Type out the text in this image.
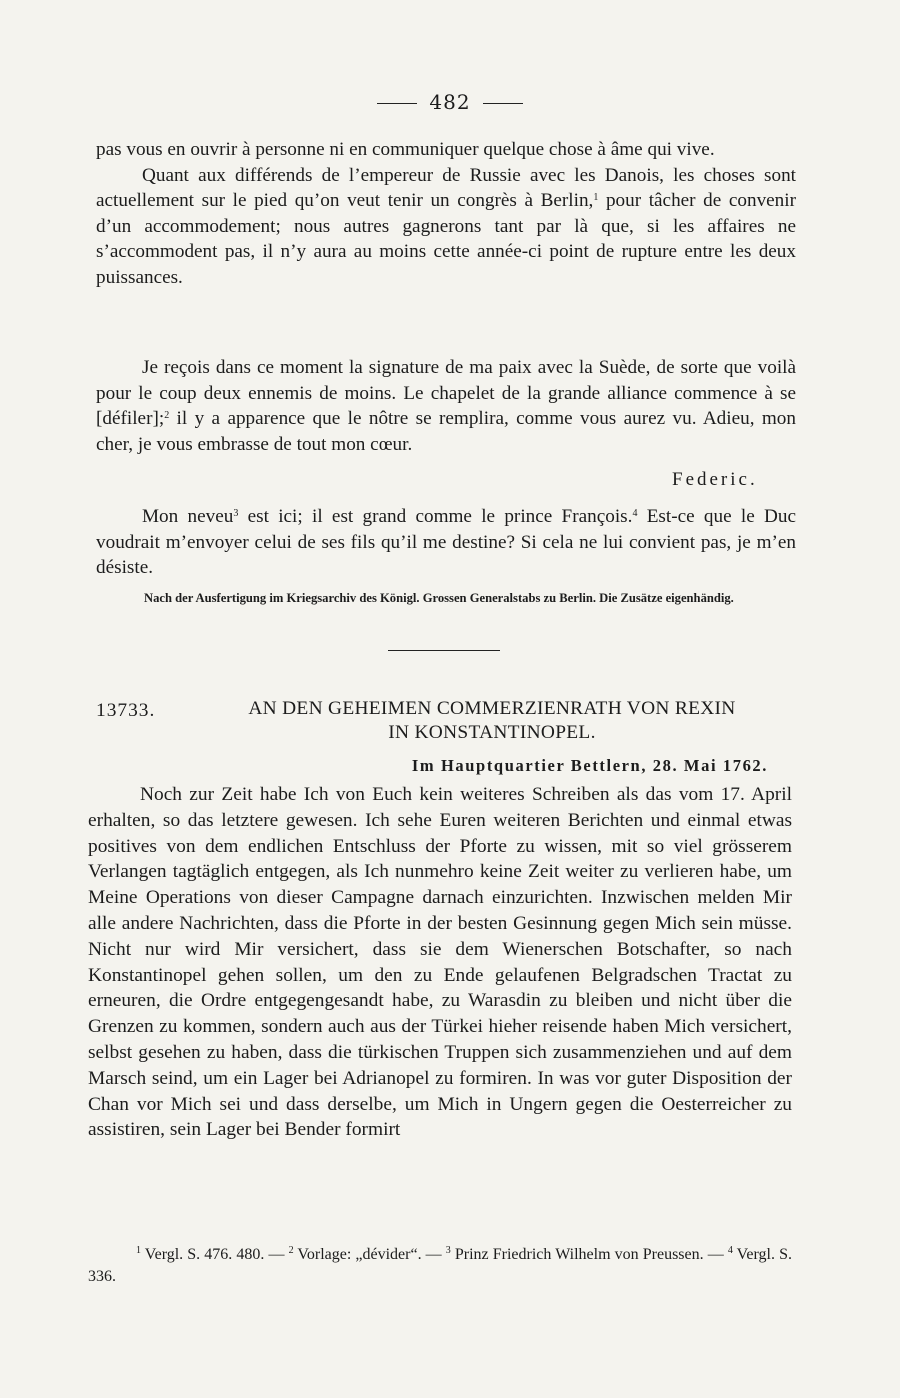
482

pas vous en ouvrir à personne ni en communiquer quelque chose à âme qui vive.

Quant aux différends de l’empereur de Russie avec les Danois, les choses sont actuellement sur le pied qu’on veut tenir un congrès à Berlin,$^1$ pour tâcher de convenir d’un accommodement; nous autres gagnerons tant par là que, si les affaires ne s’accommodent pas, il n’y aura au moins cette année-ci point de rupture entre les deux puissances.

Je reçois dans ce moment la signature de ma paix avec la Suède, de sorte que voilà pour le coup deux ennemis de moins. Le chapelet de la grande alliance commence à se [défiler];$^2$ il y a apparence que le nôtre se remplira, comme vous aurez vu. Adieu, mon cher, je vous embrasse de tout mon cœur.

Federic.

Mon neveu$^3$ est ici; il est grand comme le prince François.$^4$ Est-ce que le Duc voudrait m’envoyer celui de ses fils qu’il me destine? Si cela ne lui convient pas, je m’en désiste.

Nach der Ausfertigung im Kriegsarchiv des Königl. Grossen Generalstabs zu Berlin. Die Zusätze eigenhändig.
13733.	AN DEN GEHEIMEN COMMERZIENRATH VON REXIN
IN KONSTANTINOPEL.
Im Hauptquartier Bettlern, 28. Mai 1762.
Noch zur Zeit habe Ich von Euch kein weiteres Schreiben als das vom 17. April erhalten, so das letztere gewesen. Ich sehe Euren weiteren Berichten und einmal etwas positives von dem endlichen Entschluss der Pforte zu wissen, mit so viel grösserem Verlangen tagtäglich entgegen, als Ich nunmehro keine Zeit weiter zu verlieren habe, um Meine Operations von dieser Campagne darnach einzurichten. Inzwischen melden Mir alle andere Nachrichten, dass die Pforte in der besten Gesinnung gegen Mich sein müsse. Nicht nur wird Mir versichert, dass sie dem Wienerschen Botschafter, so nach Konstantinopel gehen sollen, um den zu Ende gelaufenen Belgradschen Tractat zu erneuren, die Ordre entgegengesandt habe, zu Warasdin zu bleiben und nicht über die Grenzen zu kommen, sondern auch aus der Türkei hieher reisende haben Mich versichert, selbst gesehen zu haben, dass die türkischen Truppen sich zusammenziehen und auf dem Marsch seind, um ein Lager bei Adrianopel zu formiren. In was vor guter Disposition der Chan vor Mich sei und dass derselbe, um Mich in Ungern gegen die Oesterreicher zu assistiren, sein Lager bei Bender formirt
$^1$ Vergl. S. 476. 480. — $^2$ Vorlage: „dévider“. — $^3$ Prinz Friedrich Wilhelm von Preussen. — $^4$ Vergl. S. 336.
